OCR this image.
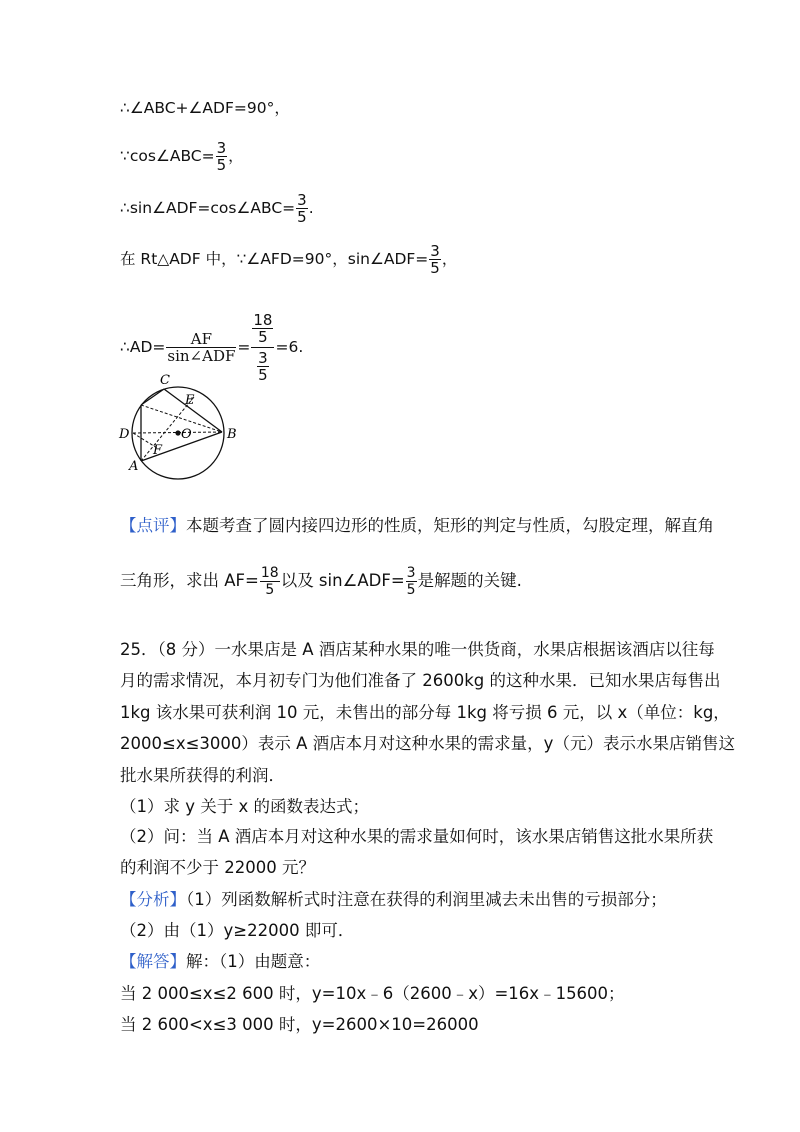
∴∠ABC+∠ADF=90°，
∵cos∠ABC= $\frac{3}{5}$ ，
∴sin∠ADF=cos∠ABC= $\frac{3}{5}$ .
在 Rt△ADF 中，∵∠AFD=90°，sin∠ADF= $\frac{3}{5}$ ，
∴AD= $\frac{AF}{\text{sin∠ADF}} = \frac{\frac{18}{5}}{\frac{3}{5}} =6$.
C
E
D	O	B
F
A
【点评】本题考查了圆内接四边形的性质，矩形的判定与性质，勾股定理，解直角
三角形，求出 $AF= \frac{18}{5}$ 以及 sin∠ADF= $\frac{3}{5}$ 是解题的关键.
25．（8 分）一水果店是 A 酒店某种水果的唯一供货商，水果店根据该酒店以往每
月的需求情况，本月初专门为他们准备了 2600kg 的这种水果．已知水果店每售出
1kg 该水果可获利润 10 元，未售出的部分每 1kg 将亏损 6 元，以 x（单位：kg，
2000≤x≤3000）表示 A 酒店本月对这种水果的需求量，y（元）表示水果店销售这
批水果所获得的利润．
（1）求 y 关于 x 的函数表达式；
（2）问：当 A 酒店本月对这种水果的需求量如何时，该水果店销售这批水果所获
的利润不少于 22000 元？
【分析】（1）列函数解析式时注意在获得的利润里减去未出售的亏损部分；
（2）由（1）y≥22000 即可．
【解答】解：（1）由题意：
当 2 000≤x≤2 600 时，y=10x﹣6（2600﹣x）=16x﹣15600；
当 2 600<x≤3 000 时，y=2600×10=26000
